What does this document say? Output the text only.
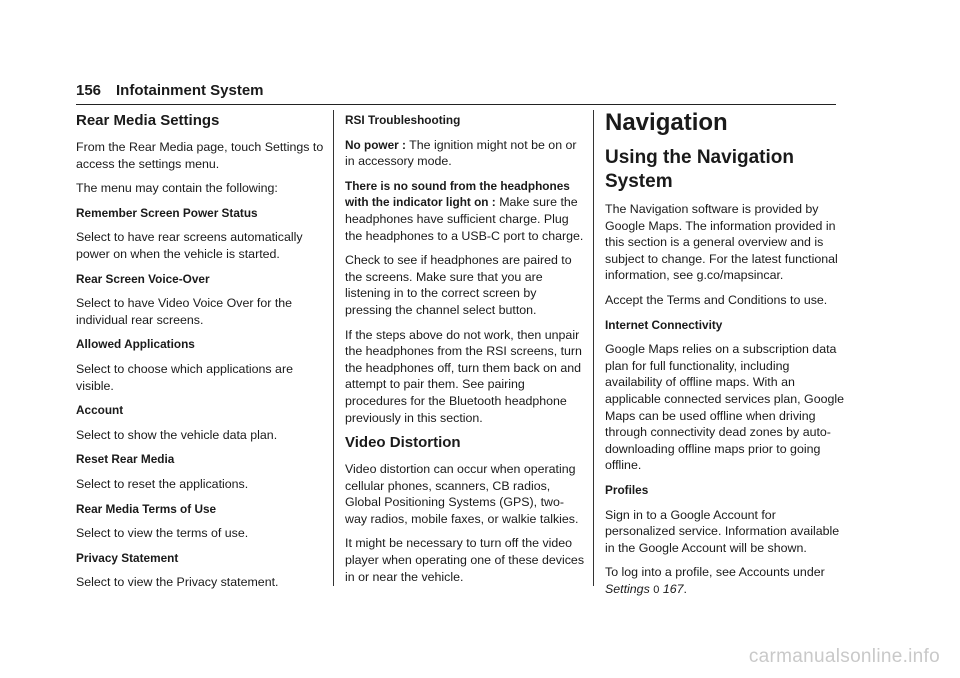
156 Infotainment System
Rear Media Settings

From the Rear Media page, touch Settings to access the settings menu.

The menu may contain the following:

Remember Screen Power Status

Select to have rear screens automatically power on when the vehicle is started.

Rear Screen Voice-Over

Select to have Video Voice Over for the individual rear screens.

Allowed Applications

Select to choose which applications are visible.

Account

Select to show the vehicle data plan.

Reset Rear Media

Select to reset the applications.

Rear Media Terms of Use

Select to view the terms of use.

Privacy Statement

Select to view the Privacy statement.

RSI Troubleshooting

No power : The ignition might not be on or in accessory mode.

There is no sound from the headphones with the indicator light on : Make sure the headphones have sufficient charge. Plug the headphones to a USB-C port to charge.

Check to see if headphones are paired to the screens. Make sure that you are listening in to the correct screen by pressing the channel select button.

If the steps above do not work, then unpair the headphones from the RSI screens, turn the headphones off, turn them back on and attempt to pair them. See pairing procedures for the Bluetooth headphone previously in this section.

Video Distortion

Video distortion can occur when operating cellular phones, scanners, CB radios, Global Positioning Systems (GPS), two-way radios, mobile faxes, or walkie talkies.

It might be necessary to turn off the video player when operating one of these devices in or near the vehicle.

Navigation
Using the Navigation System

The Navigation software is provided by Google Maps. The information provided in this section is a general overview and is subject to change. For the latest functional information, see g.co/mapsincar.

Accept the Terms and Conditions to use.

Internet Connectivity

Google Maps relies on a subscription data plan for full functionality, including availability of offline maps. With an applicable connected services plan, Google Maps can be used offline when driving through connectivity dead zones by auto-downloading offline maps prior to going offline.

Profiles

Sign in to a Google Account for personalized service. Information available in the Google Account will be shown.

To log into a profile, see Accounts under
Settings 0 167.

carmanualsonline.info
